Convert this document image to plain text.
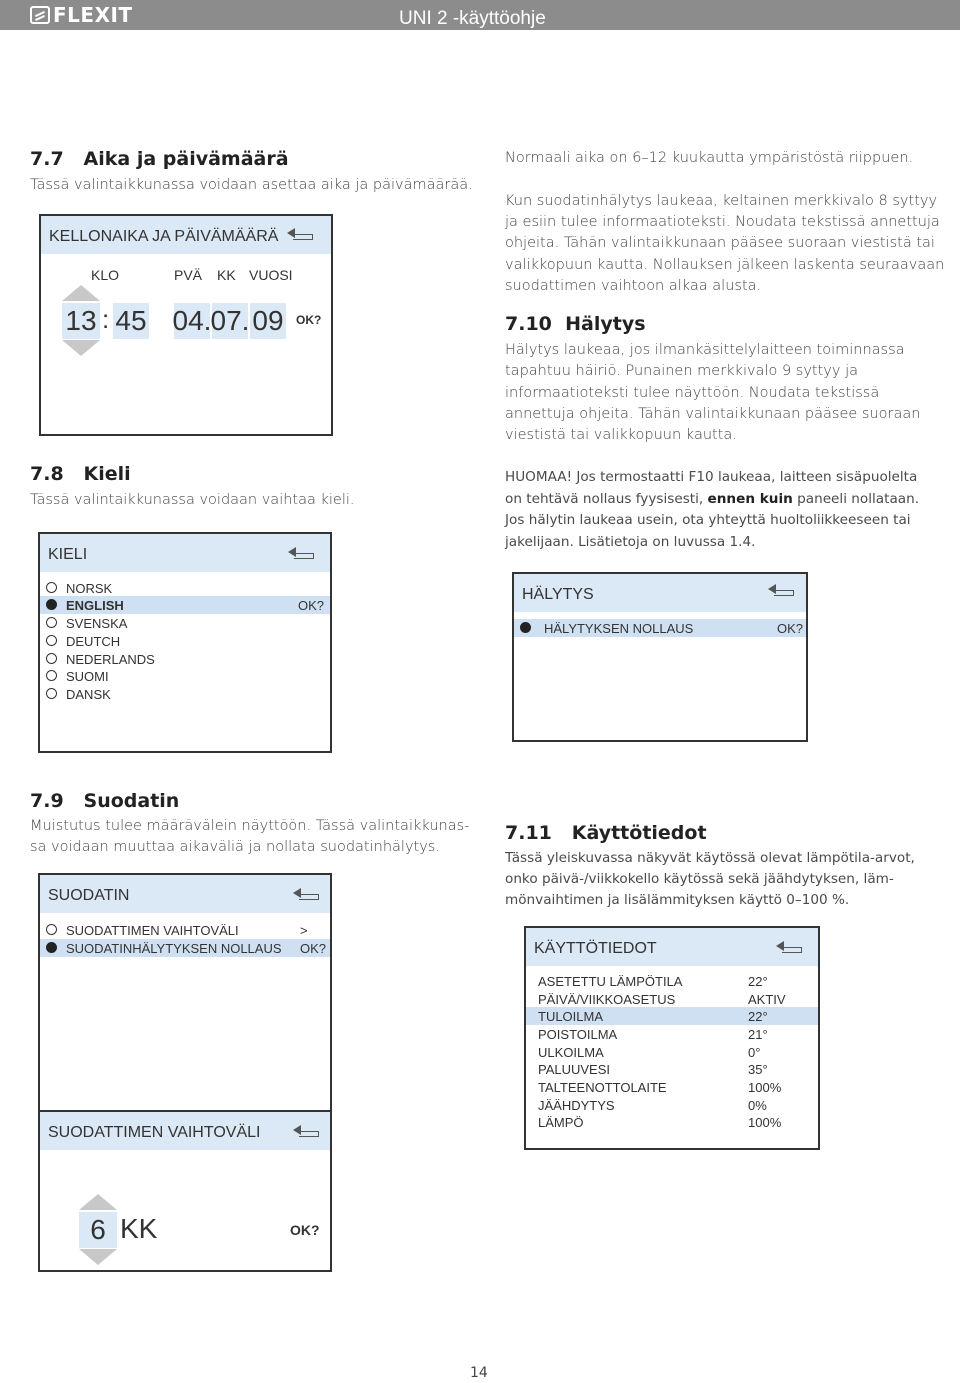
FLEXIT	UNI 2 -käyttöohje
7.7 Aika ja päivämäärä
Tässä valintaikkunassa voidaan asettaa aika ja päivämäärää.
KELLONAIKA JA PÄIVÄMÄÄRÄ
KLO	PVÄ KK VUOSI
13 : 45 04. 07. 09 OK?
7.8 Kieli
Tässä valintaikkunassa voidaan vaihtaa kieli.
KIELI
NORSK
ENGLISH	OK?
SVENSKA
DEUTCH
NEDERLANDS
SUOMI
DANSK
7.9 Suodatin
Muistutus tulee määrävälein näyttöön. Tässä valintaikkunas-
sa voidaan muuttaa aikaväliä ja nollata suodatinhälytys.
SUODATIN
SUODATTIMEN VAIHTOVÄLI	>
SUODATINHÄLYTYKSEN NOLLAUS OK?
SUODATTIMEN VAIHTOVÄLI
6 KK	OK?
Normaali aika on 6–12 kuukautta ympäristöstä riippuen.
Kun suodatinhälytys laukeaa, keltainen merkkivalo 8 syttyy
ja esiin tulee informaatioteksti. Noudata tekstissä annettuja
ohjeita. Tähän valintaikkunaan pääsee suoraan viestistä tai
valikkopuun kautta. Nollauksen jälkeen laskenta seuraavaan
suodattimen vaihtoon alkaa alusta.
7.10 Hälytys
Hälytys laukeaa, jos ilmankäsittelylaitteen toiminnassa
tapahtuu häiriö. Punainen merkkivalo 9 syttyy ja
informaatioteksti tulee näyttöön. Noudata tekstissä
annettuja ohjeita. Tähän valintaikkunaan pääsee suoraan
viestistä tai valikkopuun kautta.
HUOMAA! Jos termostaatti F10 laukeaa, laitteen sisäpuolelta
on tehtävä nollaus fyysisesti, ennen kuin paneeli nollataan.
Jos hälytin laukeaa usein, ota yhteyttä huoltoliikkeeseen tai
jakelijaan. Lisätietoja on luvussa 1.4.
HÄLYTYS
HÄLYTYKSEN NOLLAUS	OK?
7.11 Käyttötiedot
Tässä yleiskuvassa näkyvät käytössä olevat lämpötila-arvot,
onko päivä-/viikkokello käytössä sekä jäähdytyksen, läm-
mönvaihtimen ja lisälämmityksen käyttö 0–100 %.
KÄYTTÖTIEDOT
ASETETTU LÄMPÖTILA	22°
PÄIVÄ/VIIKKOASETUS	AKTIV
TULOILMA	22°
POISTOILMA	21°
ULKOILMA	0°
PALUUVESI	35°
TALTEENOTTOLAITE	100%
JÄÄHDYTYS	0%
LÄMPÖ	100%
14
